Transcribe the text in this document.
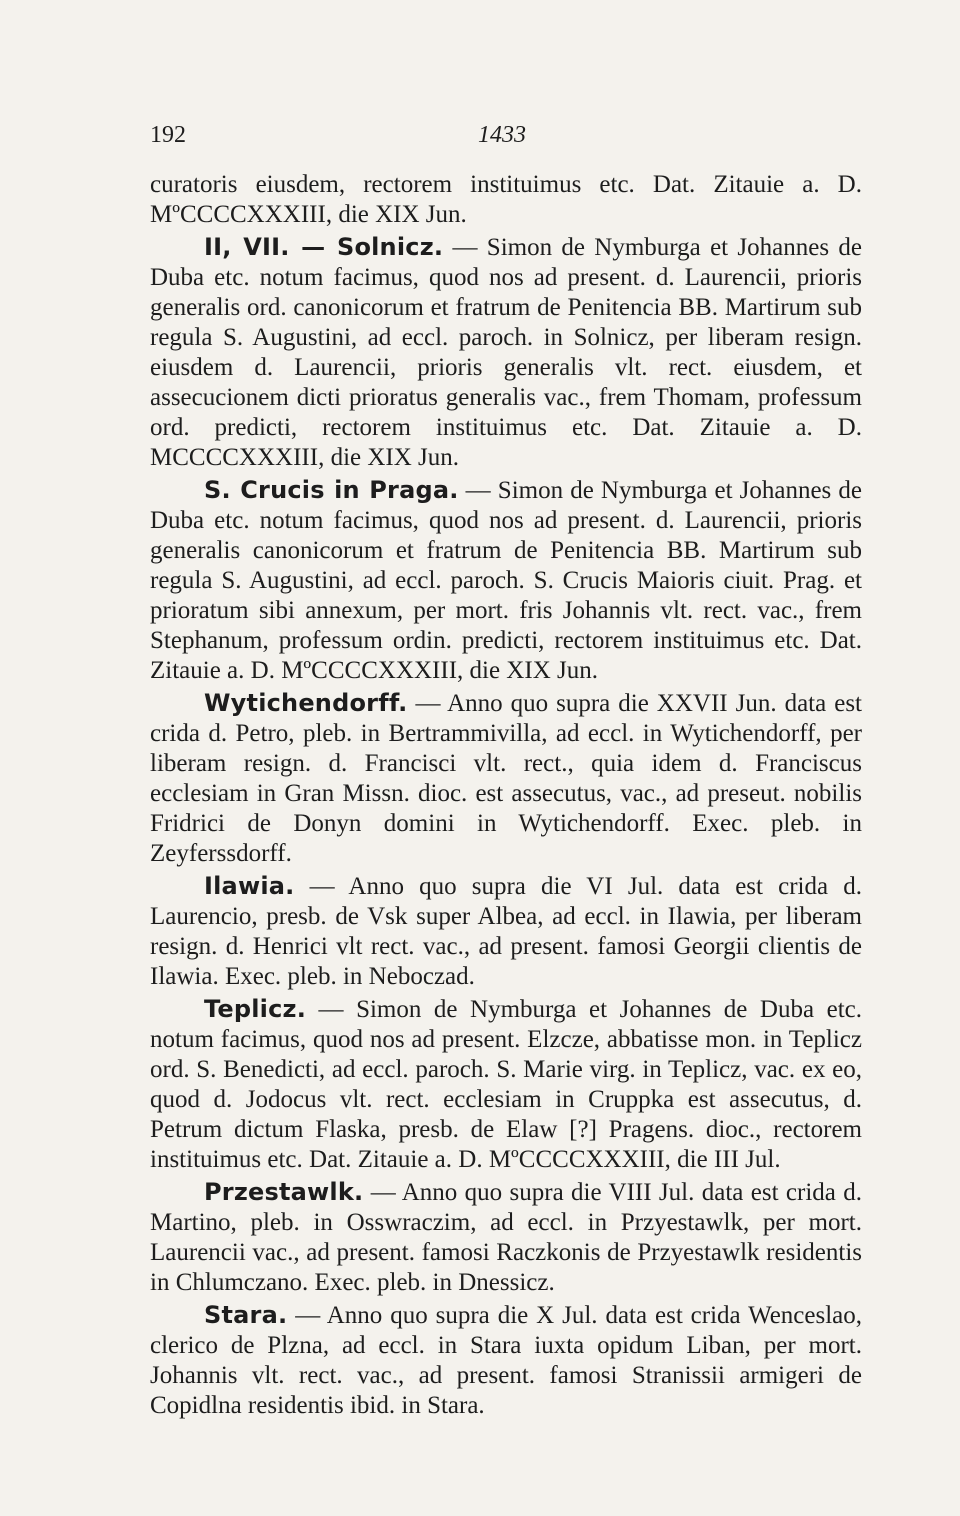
192	1433

curatoris eiusdem, rectorem instituimus etc. Dat. Zitauie a. D. MºCCCCXXXIII, die XIX Jun.

II, VII. — Solnicz. — Simon de Nymburga et Johannes de Duba etc. notum facimus, quod nos ad present. d. Laurencii, prioris generalis ord. canonicorum et fratrum de Penitencia BB. Martirum sub regula S. Augustini, ad eccl. paroch. in Solnicz, per liberam resign. eiusdem d. Laurencii, prioris generalis vlt. rect. eiusdem, et assecucionem dicti prioratus generalis vac., frem Thomam, professum ord. predicti, rectorem instituimus etc. Dat. Zitauie a. D. MCCCCXXXIII, die XIX Jun.

S. Crucis in Praga. — Simon de Nymburga et Johannes de Duba etc. notum facimus, quod nos ad present. d. Laurencii, prioris generalis canonicorum et fratrum de Penitencia BB. Martirum sub regula S. Augustini, ad eccl. paroch. S. Crucis Maioris ciuit. Prag. et prioratum sibi annexum, per mort. fris Johannis vlt. rect. vac., frem Stephanum, professum ordin. predicti, rectorem instituimus etc. Dat. Zitauie a. D. MºCCCCXXXIII, die XIX Jun.

Wytichendorff. — Anno quo supra die XXVII Jun. data est crida d. Petro, pleb. in Bertrammivilla, ad eccl. in Wytichendorff, per liberam resign. d. Francisci vlt. rect., quia idem d. Franciscus ecclesiam in Gran Missn. dioc. est assecutus, vac., ad preseut. nobilis Fridrici de Donyn domini in Wytichendorff. Exec. pleb. in Zeyferssdorff.

Ilawia. — Anno quo supra die VI Jul. data est crida d. Laurencio, presb. de Vsk super Albea, ad eccl. in Ilawia, per liberam resign. d. Henrici vlt rect. vac., ad present. famosi Georgii clientis de Ilawia. Exec. pleb. in Neboczad.

Teplicz. — Simon de Nymburga et Johannes de Duba etc. notum facimus, quod nos ad present. Elzcze, abbatisse mon. in Teplicz ord. S. Benedicti, ad eccl. paroch. S. Marie virg. in Teplicz, vac. ex eo, quod d. Jodocus vlt. rect. ecclesiam in Cruppka est assecutus, d. Petrum dictum Flaska, presb. de Elaw [?] Pragens. dioc., rectorem instituimus etc. Dat. Zitauie a. D. MºCCCCXXXIII, die III Jul.

Przestawlk. — Anno quo supra die VIII Jul. data est crida d. Martino, pleb. in Osswraczim, ad eccl. in Przyestawlk, per mort. Laurencii vac., ad present. famosi Raczkonis de Przyestawlk residentis in Chlumczano. Exec. pleb. in Dnessicz.

Stara. — Anno quo supra die X Jul. data est crida Wenceslao, clerico de Plzna, ad eccl. in Stara iuxta opidum Liban, per mort. Johannis vlt. rect. vac., ad present. famosi Stranissii armigeri de Copidlna residentis ibid. in Stara.
